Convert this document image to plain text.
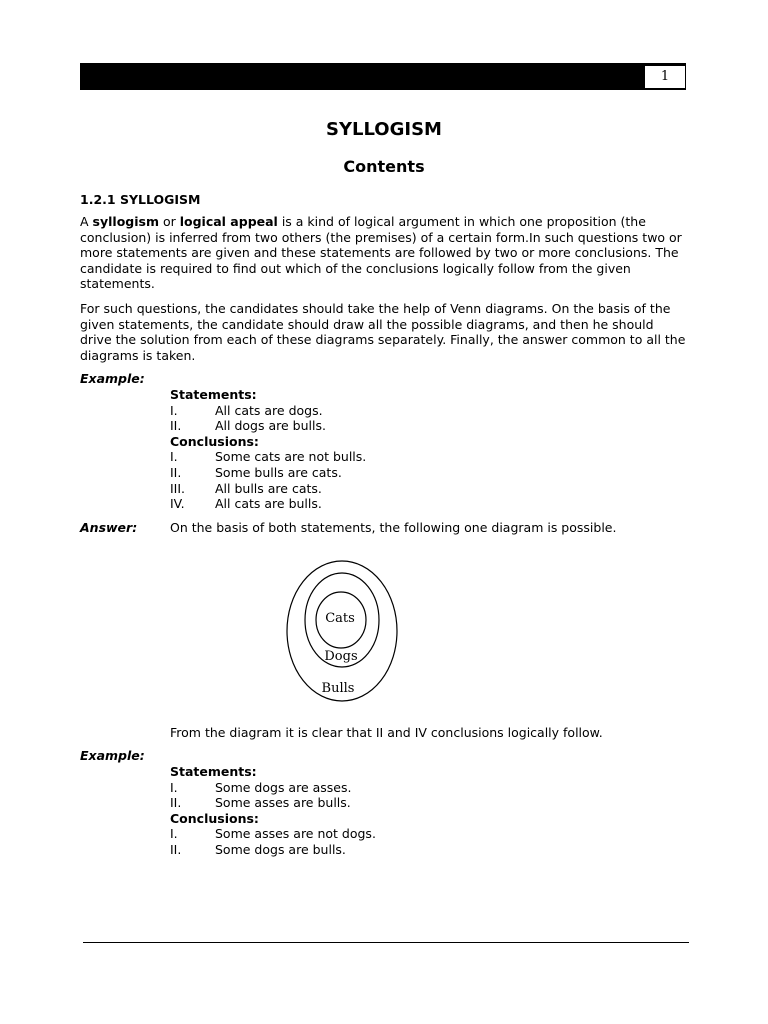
1
SYLLOGISM
Contents
1.2.1 SYLLOGISM

A syllogism or logical appeal is a kind of logical argument in which one proposition (the conclusion) is inferred from two others (the premises) of a certain form.In such questions two or more statements are given and these statements are followed by two or more conclusions. The candidate is required to find out which of the conclusions logically follow from the given statements.

For such questions, the candidates should take the help of Venn diagrams. On the basis of the given statements, the candidate should draw all the possible diagrams, and then he should drive the solution from each of these diagrams separately. Finally, the answer common to all the diagrams is taken.

Example:
Statements:
I.	All cats are dogs.
II.	All dogs are bulls.
Conclusions:
I.	Some cats are not bulls.
II.	Some bulls are cats.
III.	All bulls are cats.
IV.	All cats are bulls.
Answer:	On the basis of both statements, the following one diagram is possible.
Cats
Dogs
Bulls
From the diagram it is clear that II and IV conclusions logically follow.
Example:
Statements:
I.	Some dogs are asses.
II.	Some asses are bulls.
Conclusions:
I.	Some asses are not dogs.
II.	Some dogs are bulls.
